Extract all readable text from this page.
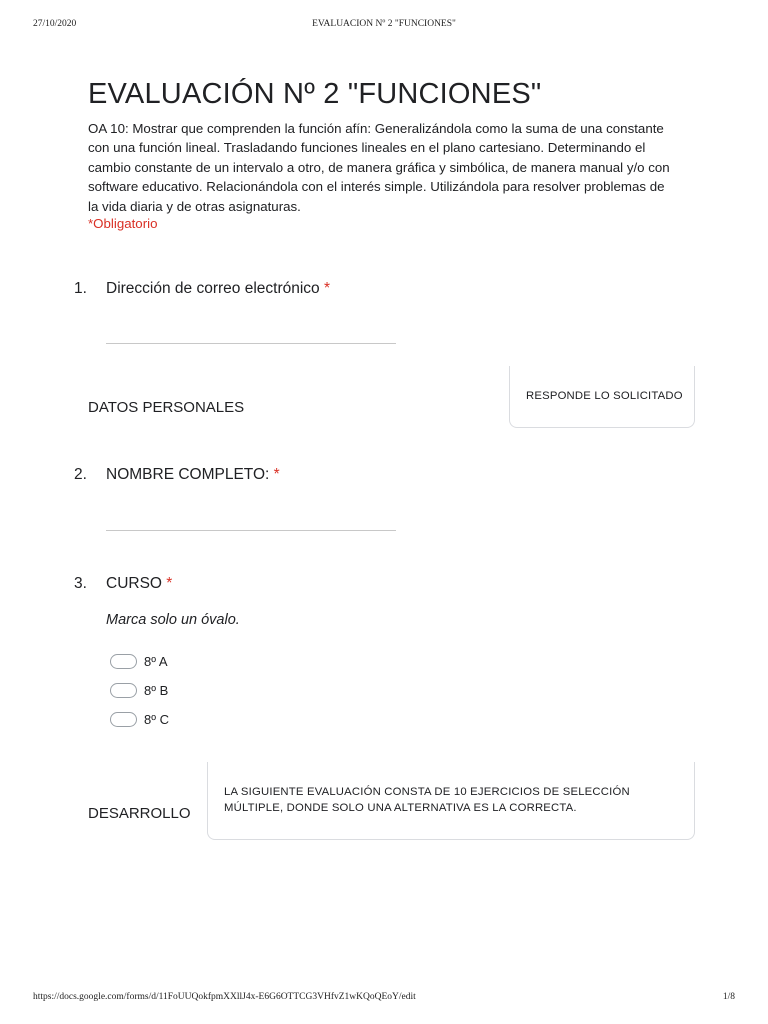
27/10/2020	EVALUACION Nº 2 "FUNCIONES"
EVALUACIÓN Nº 2 "FUNCIONES"
OA 10: Mostrar que comprenden la función afín: Generalizándola como la suma de una constante con una función lineal. Trasladando funciones lineales en el plano cartesiano. Determinando el cambio constante de un intervalo a otro, de manera gráfica y simbólica, de manera manual y/o con software educativo. Relacionándola con el interés simple. Utilizándola para resolver problemas de la vida diaria y de otras asignaturas.
*Obligatorio
1. Dirección de correo electrónico *
DATOS PERSONALES
RESPONDE LO SOLICITADO
2. NOMBRE COMPLETO: *
3. CURSO *
Marca solo un óvalo.
8º A
8º B
8º C
DESARROLLO
LA SIGUIENTE EVALUACIÓN CONSTA DE 10 EJERCICIOS DE SELECCIÓN MÚLTIPLE, DONDE SOLO UNA ALTERNATIVA ES LA CORRECTA.
https://docs.google.com/forms/d/11FoUUQokfpmXXllJ4x-E6G6OTTCG3VHfvZ1wKQoQEoY/edit	1/8
